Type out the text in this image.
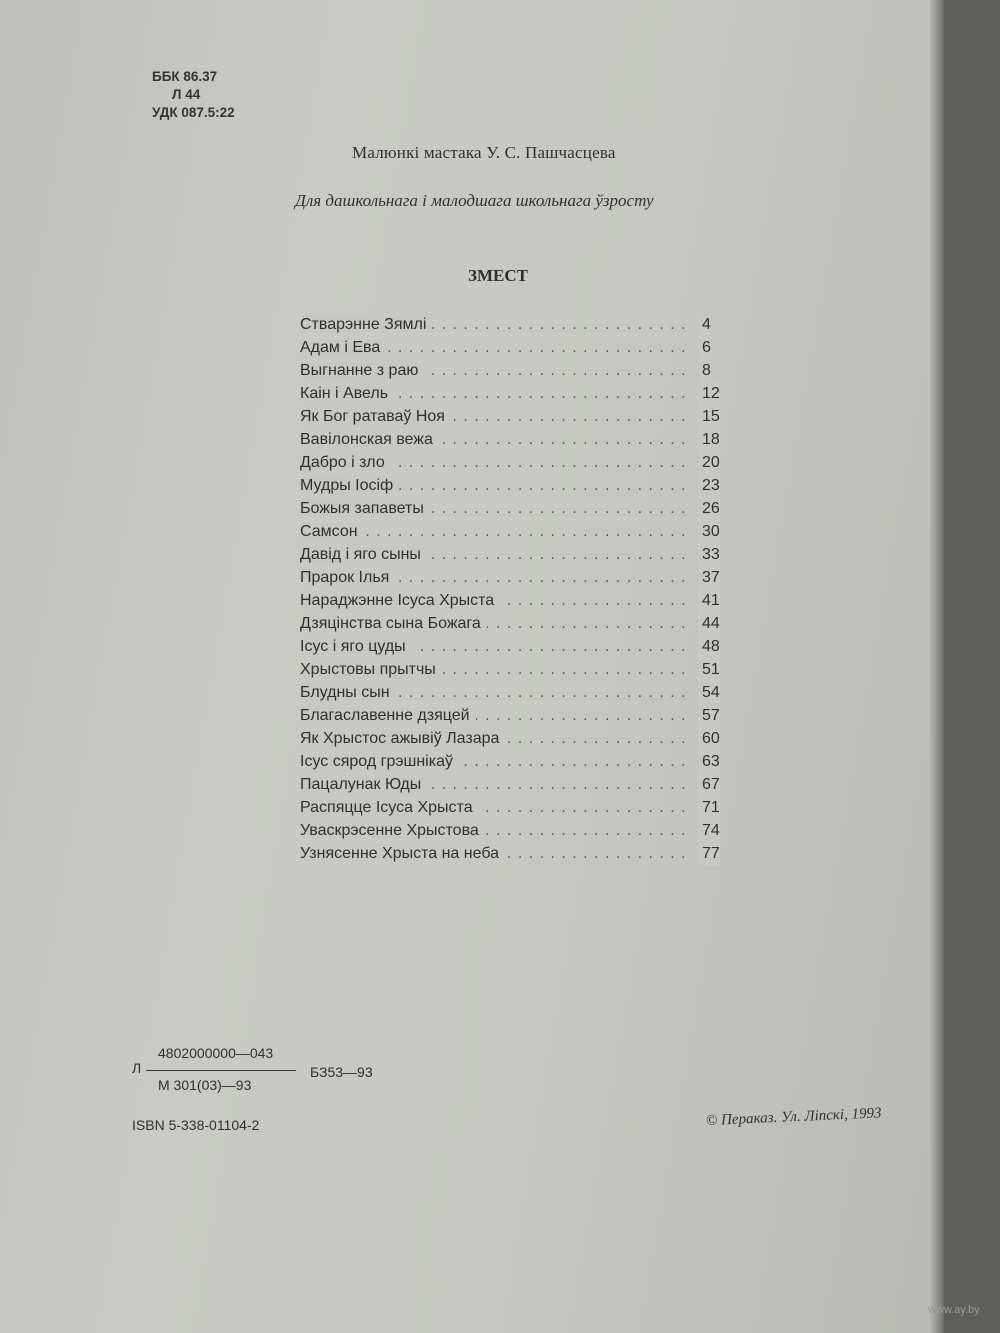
ББК 86.37
Л 44
УДК 087.5:22
Малюнкі мастака У. С. Пашчасцева
Для дашкольнага і малодшага школьнага ўзросту
ЗМЕСТ
. . . Стварэнне Зямлі	4
. . . Адам і Ева	6
. . . Выгнанне з раю	8
. . . Каін і Авель	12
. . . Як Бог ратаваў Ноя	15
. . . Вавілонская вежа	18
. . . Дабро і зло	20
. . . Мудры Іосіф	23
. . . Божыя запаветы	26
. . . Самсон	30
. . . Давід і яго сыны	33
. . . Прарок Ілья	37
. . . Нараджэнне Ісуса Хрыста	41
. . . Дзяцінства сына Божага	44
. . . Ісус і яго цуды	48
. . . Хрыстовы прытчы	51
. . . Блудны сын	54
. . . Благаславенне дзяцей	57
. . . Як Хрыстос ажывіў Лазара	60
. . . Ісус сярод грэшнікаў	63
. . . Пацалунак Юды	67
. . . Распяцце Ісуса Хрыста	71
. . . Уваскрэсенне Хрыстова	74
. . . Узнясенне Хрыста на неба	77
4802000000—043
Л
М 301(03)—93
БЗ53—93
ISBN 5-338-01104-2	© Пераказ. Ул. Ліпскі, 1993
www.ay.by
